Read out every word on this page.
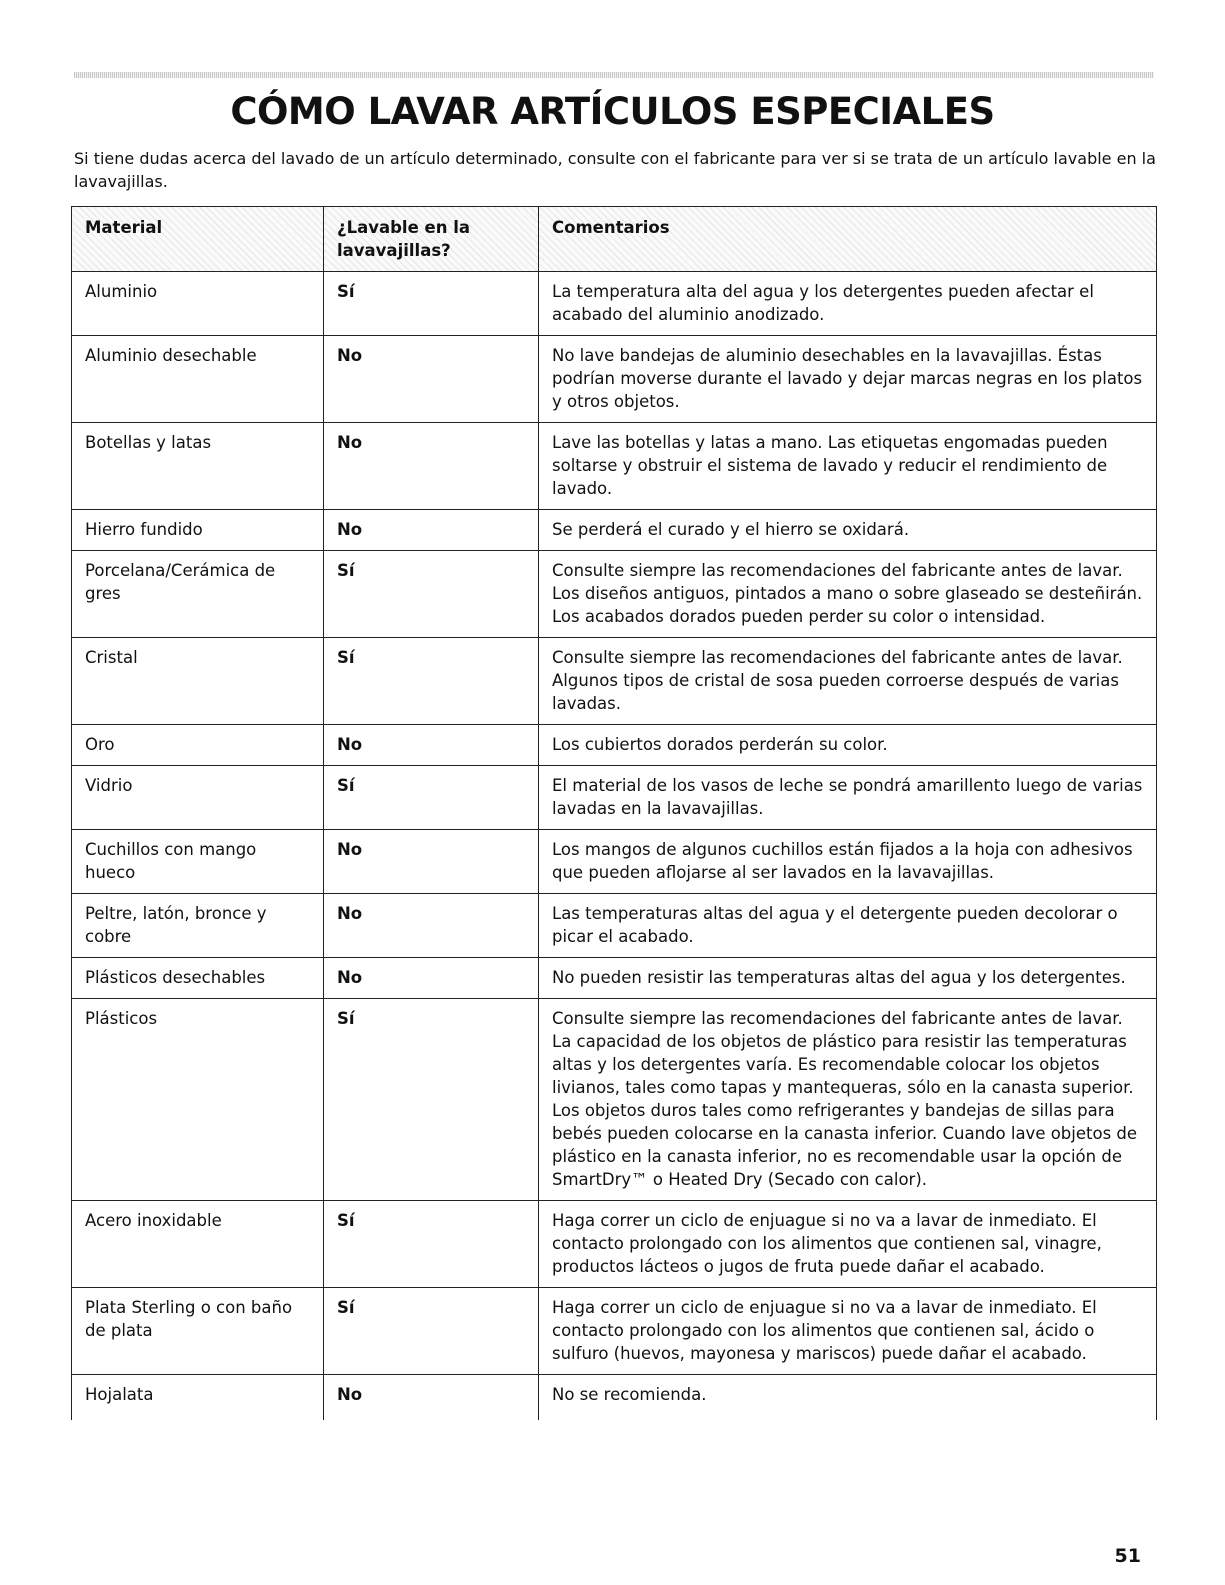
CÓMO LAVAR ARTÍCULOS ESPECIALES

Si tiene dudas acerca del lavado de un artículo determinado, consulte con el fabricante para ver si se trata de un artículo lavable en la lavavajillas.

Material	¿Lavable en la lavavajillas?	Comentarios
Aluminio	Sí	La temperatura alta del agua y los detergentes pueden afectar el acabado del aluminio anodizado.
Aluminio desechable	No	No lave bandejas de aluminio desechables en la lavavajillas. Éstas podrían moverse durante el lavado y dejar marcas negras en los platos y otros objetos.
Botellas y latas	No	Lave las botellas y latas a mano. Las etiquetas engomadas pueden soltarse y obstruir el sistema de lavado y reducir el rendimiento de lavado.
Hierro fundido	No	Se perderá el curado y el hierro se oxidará.
Porcelana/Cerámica de gres	Sí	Consulte siempre las recomendaciones del fabricante antes de lavar. Los diseños antiguos, pintados a mano o sobre glaseado se desteñirán. Los acabados dorados pueden perder su color o intensidad.
Cristal	Sí	Consulte siempre las recomendaciones del fabricante antes de lavar. Algunos tipos de cristal de sosa pueden corroerse después de varias lavadas.
Oro	No	Los cubiertos dorados perderán su color.
Vidrio	Sí	El material de los vasos de leche se pondrá amarillento luego de varias lavadas en la lavavajillas.
Cuchillos con mango hueco	No	Los mangos de algunos cuchillos están fijados a la hoja con adhesivos que pueden aflojarse al ser lavados en la lavavajillas.
Peltre, latón, bronce y cobre	No	Las temperaturas altas del agua y el detergente pueden decolorar o picar el acabado.
Plásticos desechables	No	No pueden resistir las temperaturas altas del agua y los detergentes.
Plásticos	Sí	Consulte siempre las recomendaciones del fabricante antes de lavar. La capacidad de los objetos de plástico para resistir las temperaturas altas y los detergentes varía. Es recomendable colocar los objetos livianos, tales como tapas y mantequeras, sólo en la canasta superior. Los objetos duros tales como refrigerantes y bandejas de sillas para bebés pueden colocarse en la canasta inferior. Cuando lave objetos de plástico en la canasta inferior, no es recomendable usar la opción de SmartDry™ o Heated Dry (Secado con calor).
Acero inoxidable	Sí	Haga correr un ciclo de enjuague si no va a lavar de inmediato. El contacto prolongado con los alimentos que contienen sal, vinagre, productos lácteos o jugos de fruta puede dañar el acabado.
Plata Sterling o con baño de plata	Sí	Haga correr un ciclo de enjuague si no va a lavar de inmediato. El contacto prolongado con los alimentos que contienen sal, ácido o sulfuro (huevos, mayonesa y mariscos) puede dañar el acabado.
Hojalata	No	No se recomienda.
51
